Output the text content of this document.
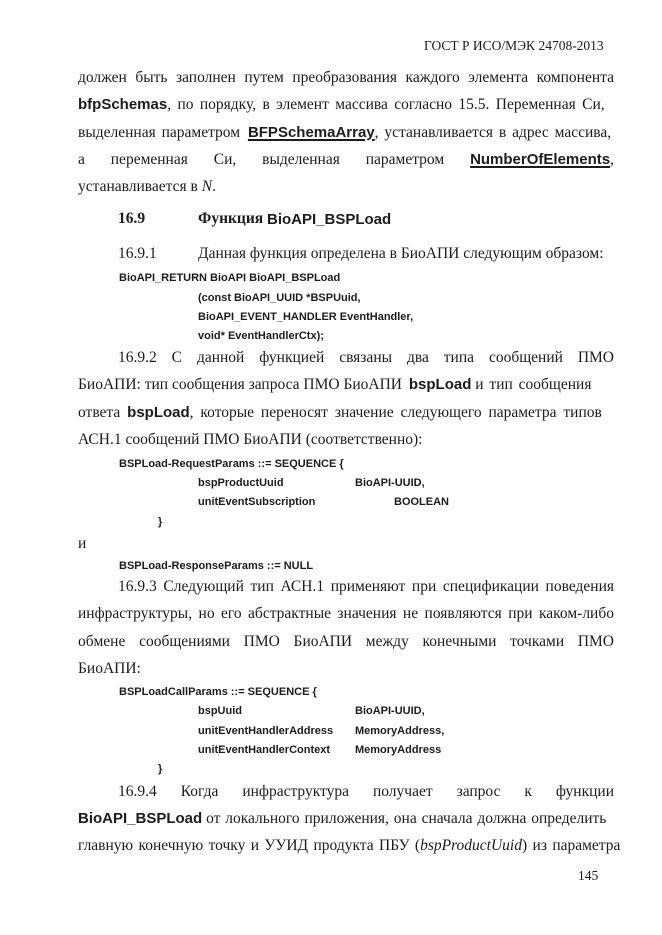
ГОСТ Р ИСО/МЭК 24708-2013
должен быть заполнен путем преобразования каждого элемента компонента
bfpSchemas, по порядку, в элемент массива согласно 15.5. Переменная Си,
выделенная параметром BFPSchemaArray, устанавливается в адрес массива,
а переменная Си, выделенная параметром NumberOfElements,
устанавливается в N.
16.9	Функция BioAPI_BSPLoad
16.9.1	Данная функция определена в БиоАПИ следующим образом:
BioAPI_RETURN BioAPI BioAPI_BSPLoad
(const BioAPI_UUID *BSPUuid,
BioAPI_EVENT_HANDLER EventHandler,
void* EventHandlerCtx);
16.9.2 С данной функцией связаны два типа сообщений ПМО
БиоАПИ: тип сообщения запроса ПМО БиоАПИ bspLoad и тип сообщения
ответа bspLoad, которые переносят значение следующего параметра типов
АСН.1 сообщений ПМО БиоАПИ (соответственно):
BSPLoad-RequestParams ::= SEQUENCE {
bspProductUuid	BioAPI-UUID,
unitEventSubscription	BOOLEAN
}
и
BSPLoad-ResponseParams ::= NULL
16.9.3 Следующий тип АСН.1 применяют при спецификации поведения
инфраструктуры, но его абстрактные значения не появляются при каком-либо
обмене сообщениями ПМО БиоАПИ между конечными точками ПМО
БиоАПИ:
BSPLoadCallParams ::= SEQUENCE {
bspUuid	BioAPI-UUID,
unitEventHandlerAddress MemoryAddress,
unitEventHandlerContext MemoryAddress
}
16.9.4 Когда инфраструктура получает запрос к функции
BioAPI_BSPLoad от локального приложения, она сначала должна определить
главную конечную точку и УУИД продукта ПБУ (bspProductUuid) из параметра
145
